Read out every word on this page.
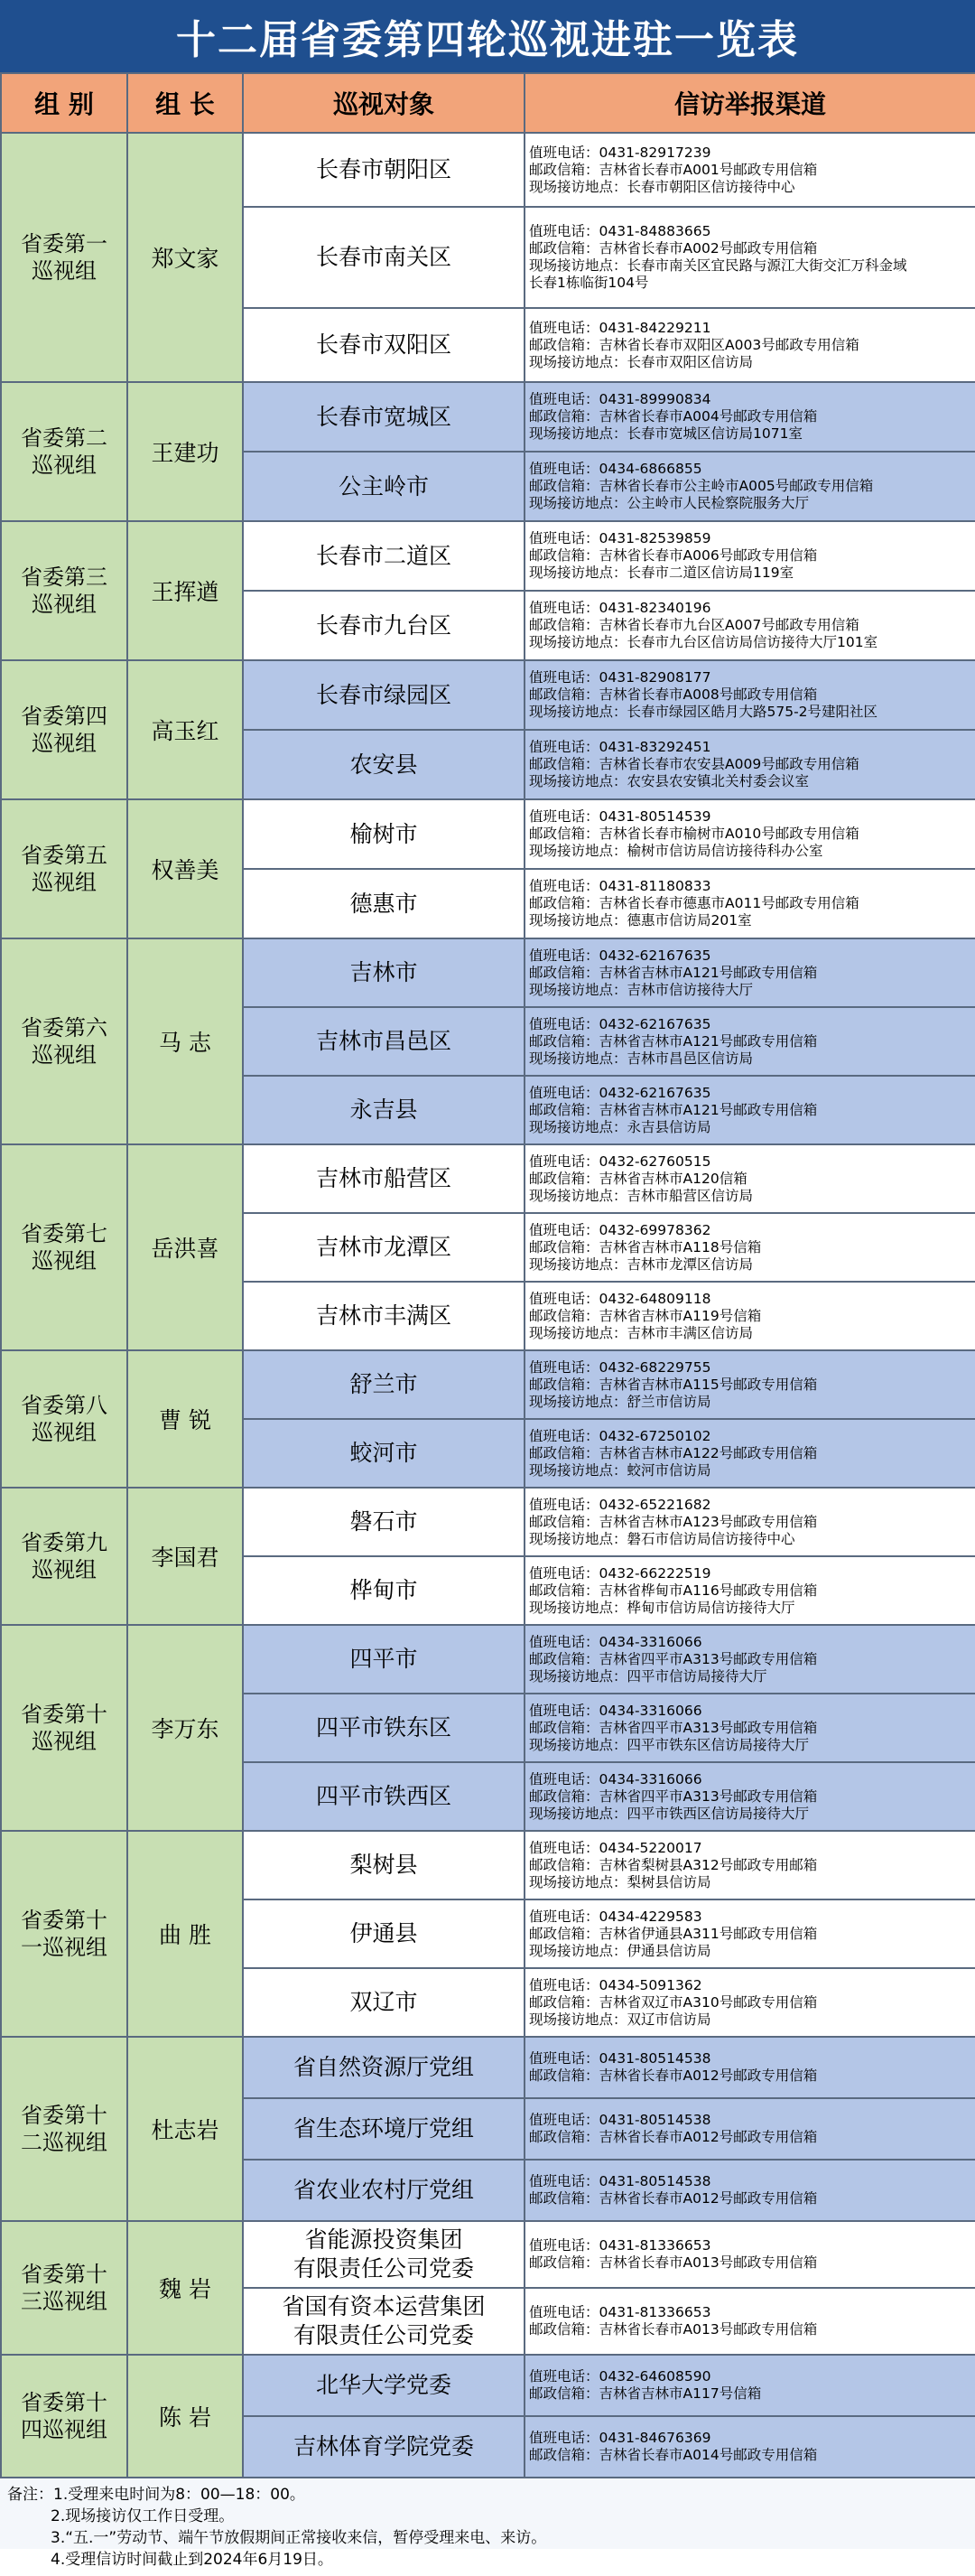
十二届省委第四轮巡视进驻一览表
组 别	组 长	巡视对象	信访举报渠道

省委第一巡视组	郑文家	长春市朝阳区	值班电话：0431-82917239
邮政信箱：吉林省长春市A001号邮政专用信箱
现场接访地点：长春市朝阳区信访接待中心

		长春市南关区	值班电话：0431-84883665
邮政信箱：吉林省长春市A002号邮政专用信箱
现场接访地点：长春市南关区宜民路与源江大街交汇万科金域
长春1栋临街104号

		长春市双阳区	值班电话：0431-84229211
邮政信箱：吉林省长春市双阳区A003号邮政专用信箱
现场接访地点：长春市双阳区信访局

省委第二巡视组	王建功	长春市宽城区	值班电话：0431-89990834
邮政信箱：吉林省长春市A004号邮政专用信箱
现场接访地点：长春市宽城区信访局1071室

		公主岭市	值班电话：0434-6866855
邮政信箱：吉林省长春市公主岭市A005号邮政专用信箱
现场接访地点：公主岭市人民检察院服务大厅

省委第三巡视组	王挥遒	长春市二道区	值班电话：0431-82539859
邮政信箱：吉林省长春市A006号邮政专用信箱
现场接访地点：长春市二道区信访局119室

		长春市九台区	值班电话：0431-82340196
邮政信箱：吉林省长春市九台区A007号邮政专用信箱
现场接访地点：长春市九台区信访局信访接待大厅101室

省委第四巡视组	高玉红	长春市绿园区	值班电话：0431-82908177
邮政信箱：吉林省长春市A008号邮政专用信箱
现场接访地点：长春市绿园区皓月大路575-2号建阳社区

		农安县	值班电话：0431-83292451
邮政信箱：吉林省长春市农安县A009号邮政专用信箱
现场接访地点：农安县农安镇北关村委会议室

省委第五巡视组	权善美	榆树市	值班电话：0431-80514539
邮政信箱：吉林省长春市榆树市A010号邮政专用信箱
现场接访地点：榆树市信访局信访接待科办公室

		德惠市	值班电话：0431-81180833
邮政信箱：吉林省长春市德惠市A011号邮政专用信箱
现场接访地点：德惠市信访局201室

省委第六巡视组	马 志	吉林市	值班电话：0432-62167635
邮政信箱：吉林省吉林市A121号邮政专用信箱
现场接访地点：吉林市信访接待大厅

		吉林市昌邑区	值班电话：0432-62167635
邮政信箱：吉林省吉林市A121号邮政专用信箱
现场接访地点：吉林市昌邑区信访局

		永吉县	值班电话：0432-62167635
邮政信箱：吉林省吉林市A121号邮政专用信箱
现场接访地点：永吉县信访局

省委第七巡视组	岳洪喜	吉林市船营区	值班电话：0432-62760515
邮政信箱：吉林省吉林市A120信箱
现场接访地点：吉林市船营区信访局

		吉林市龙潭区	值班电话：0432-69978362
邮政信箱：吉林省吉林市A118号信箱
现场接访地点：吉林市龙潭区信访局

		吉林市丰满区	值班电话：0432-64809118
邮政信箱：吉林省吉林市A119号信箱
现场接访地点：吉林市丰满区信访局

省委第八巡视组	曹 锐	舒兰市	值班电话：0432-68229755
邮政信箱：吉林省吉林市A115号邮政专用信箱
现场接访地点：舒兰市信访局

		蛟河市	值班电话：0432-67250102
邮政信箱：吉林省吉林市A122号邮政专用信箱
现场接访地点：蛟河市信访局

省委第九巡视组	李国君	磐石市	值班电话：0432-65221682
邮政信箱：吉林省吉林市A123号邮政专用信箱
现场接访地点：磐石市信访局信访接待中心

		桦甸市	值班电话：0432-66222519
邮政信箱：吉林省桦甸市A116号邮政专用信箱
现场接访地点：桦甸市信访局信访接待大厅

省委第十巡视组	李万东	四平市	值班电话：0434-3316066
邮政信箱：吉林省四平市A313号邮政专用信箱
现场接访地点：四平市信访局接待大厅

		四平市铁东区	值班电话：0434-3316066
邮政信箱：吉林省四平市A313号邮政专用信箱
现场接访地点：四平市铁东区信访局接待大厅

		四平市铁西区	值班电话：0434-3316066
邮政信箱：吉林省四平市A313号邮政专用信箱
现场接访地点：四平市铁西区信访局接待大厅

省委第十一巡视组	曲 胜	梨树县	值班电话：0434-5220017
邮政信箱：吉林省梨树县A312号邮政专用邮箱
现场接访地点：梨树县信访局

		伊通县	值班电话：0434-4229583
邮政信箱：吉林省伊通县A311号邮政专用信箱
现场接访地点：伊通县信访局

		双辽市	值班电话：0434-5091362
邮政信箱：吉林省双辽市A310号邮政专用信箱
现场接访地点：双辽市信访局

省委第十二巡视组	杜志岩	省自然资源厅党组	值班电话：0431-80514538
邮政信箱：吉林省长春市A012号邮政专用信箱

		省生态环境厅党组	值班电话：0431-80514538
邮政信箱：吉林省长春市A012号邮政专用信箱

		省农业农村厅党组	值班电话：0431-80514538
邮政信箱：吉林省长春市A012号邮政专用信箱

省委第十三巡视组	魏 岩	省能源投资集团
有限责任公司党委	值班电话：0431-81336653
邮政信箱：吉林省长春市A013号邮政专用信箱

		省国有资本运营集团
有限责任公司党委	值班电话：0431-81336653
邮政信箱：吉林省长春市A013号邮政专用信箱

省委第十四巡视组	陈 岩	北华大学党委	值班电话：0432-64608590
邮政信箱：吉林省吉林市A117号信箱

		吉林体育学院党委	值班电话：0431-84676369
邮政信箱：吉林省长春市A014号邮政专用信箱
备注：1.受理来电时间为8：00—18：00。
2.现场接访仅工作日受理。
3.“五.一”劳动节、端午节放假期间正常接收来信，暂停受理来电、来访。
4.受理信访时间截止到2024年6月19日。
